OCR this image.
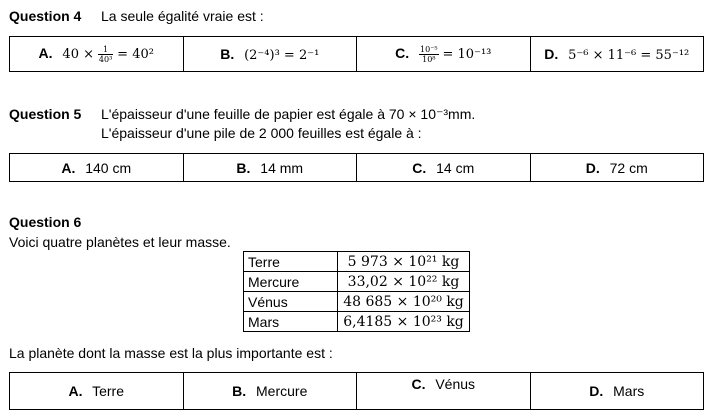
Question 4 La seule égalité vraie est :
A. $40 \times \frac{1}{\text{40³}} = 40^2$	B. (2⁻⁴)³ = 2⁻¹	C. $\frac{\text{10⁻⁵}}{\text{10⁸}} = 10^{-13}$	D. 5⁻⁶ × 11⁻⁶ = 55⁻¹²
Question 5 L'épaisseur d'une feuille de papier est égale à 70 × 10⁻³mm.
L'épaisseur d'une pile de 2 000 feuilles est égale à :
A. 140 cm	B. 14 mm	C. 14 cm	D. 72 cm
Question 6
Voici quatre planètes et leur masse.
Terre	5 973 × 10²¹ kg
Mercure	33,02 × 10²² kg
Vénus	48 685 × 10²⁰ kg
Mars	6,4185 × 10²³ kg
La planète dont la masse est la plus importante est :
A. Terre	B. Mercure	C. Vénus	D. Mars
